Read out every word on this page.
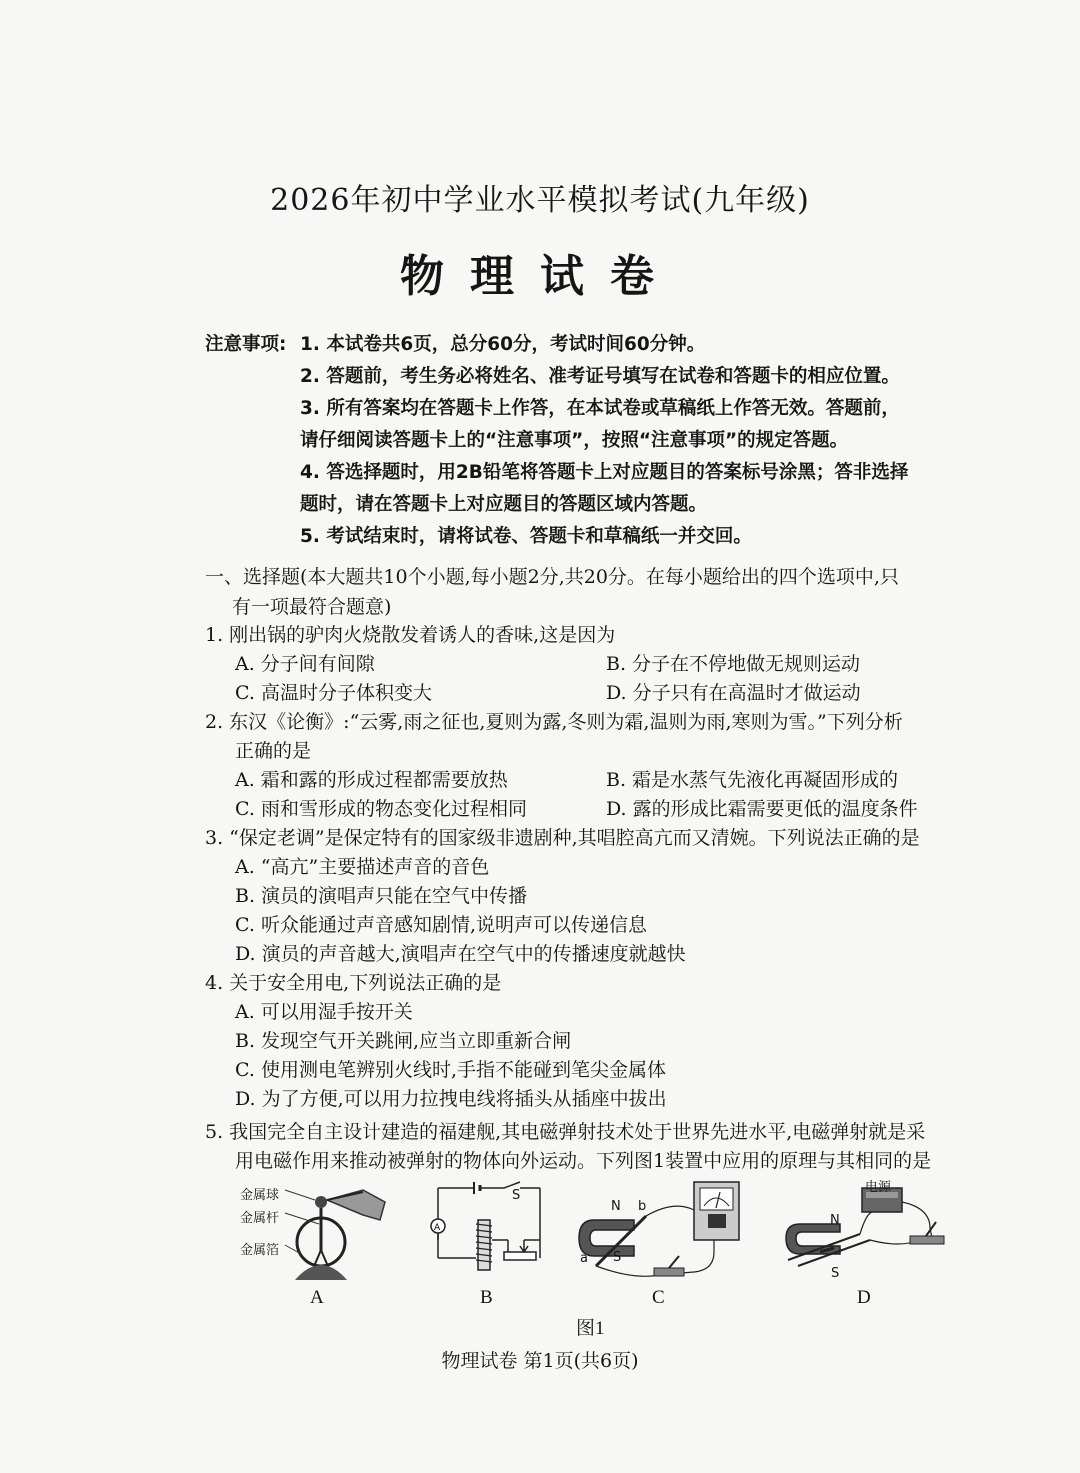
2026年初中学业水平模拟考试(九年级)
物理试卷
注意事项: 1. 本试卷共6页，总分60分，考试时间60分钟。
2. 答题前，考生务必将姓名、准考证号填写在试卷和答题卡的相应位置。
3. 所有答案均在答题卡上作答，在本试卷或草稿纸上作答无效。答题前，
请仔细阅读答题卡上的“注意事项”，按照“注意事项”的规定答题。
4. 答选择题时，用2B铅笔将答题卡上对应题目的答案标号涂黑；答非选择
题时，请在答题卡上对应题目的答题区域内答题。
5. 考试结束时，请将试卷、答题卡和草稿纸一并交回。
一、选择题(本大题共10个小题,每小题2分,共20分。在每小题给出的四个选项中,只
有一项最符合题意)
1. 刚出锅的驴肉火烧散发着诱人的香味,这是因为
A. 分子间有间隙	B. 分子在不停地做无规则运动
C. 高温时分子体积变大	D. 分子只有在高温时才做运动
2. 东汉《论衡》:“云雾,雨之征也,夏则为露,冬则为霜,温则为雨,寒则为雪。”下列分析
正确的是
A. 霜和露的形成过程都需要放热	B. 霜是水蒸气先液化再凝固形成的
C. 雨和雪形成的物态变化过程相同	D. 露的形成比霜需要更低的温度条件
3. “保定老调”是保定特有的国家级非遗剧种,其唱腔高亢而又清婉。下列说法正确的是
A. “高亢”主要描述声音的音色
B. 演员的演唱声只能在空气中传播
C. 听众能通过声音感知剧情,说明声可以传递信息
D. 演员的声音越大,演唱声在空气中的传播速度就越快
4. 关于安全用电,下列说法正确的是
A. 可以用湿手按开关
B. 发现空气开关跳闸,应当立即重新合闸
C. 使用测电笔辨别火线时,手指不能碰到笔尖金属体
D. 为了方便,可以用力拉拽电线将插头从插座中拔出
5. 我国完全自主设计建造的福建舰,其电磁弹射技术处于世界先进水平,电磁弹射就是采
用电磁作用来推动被弹射的物体向外运动。下列图1装置中应用的原理与其相同的是
金属球
金属杆
金属箔
A
A
S
B
N b
a S
C
电源
N
S
D
图1
物理试卷 第1页(共6页)
